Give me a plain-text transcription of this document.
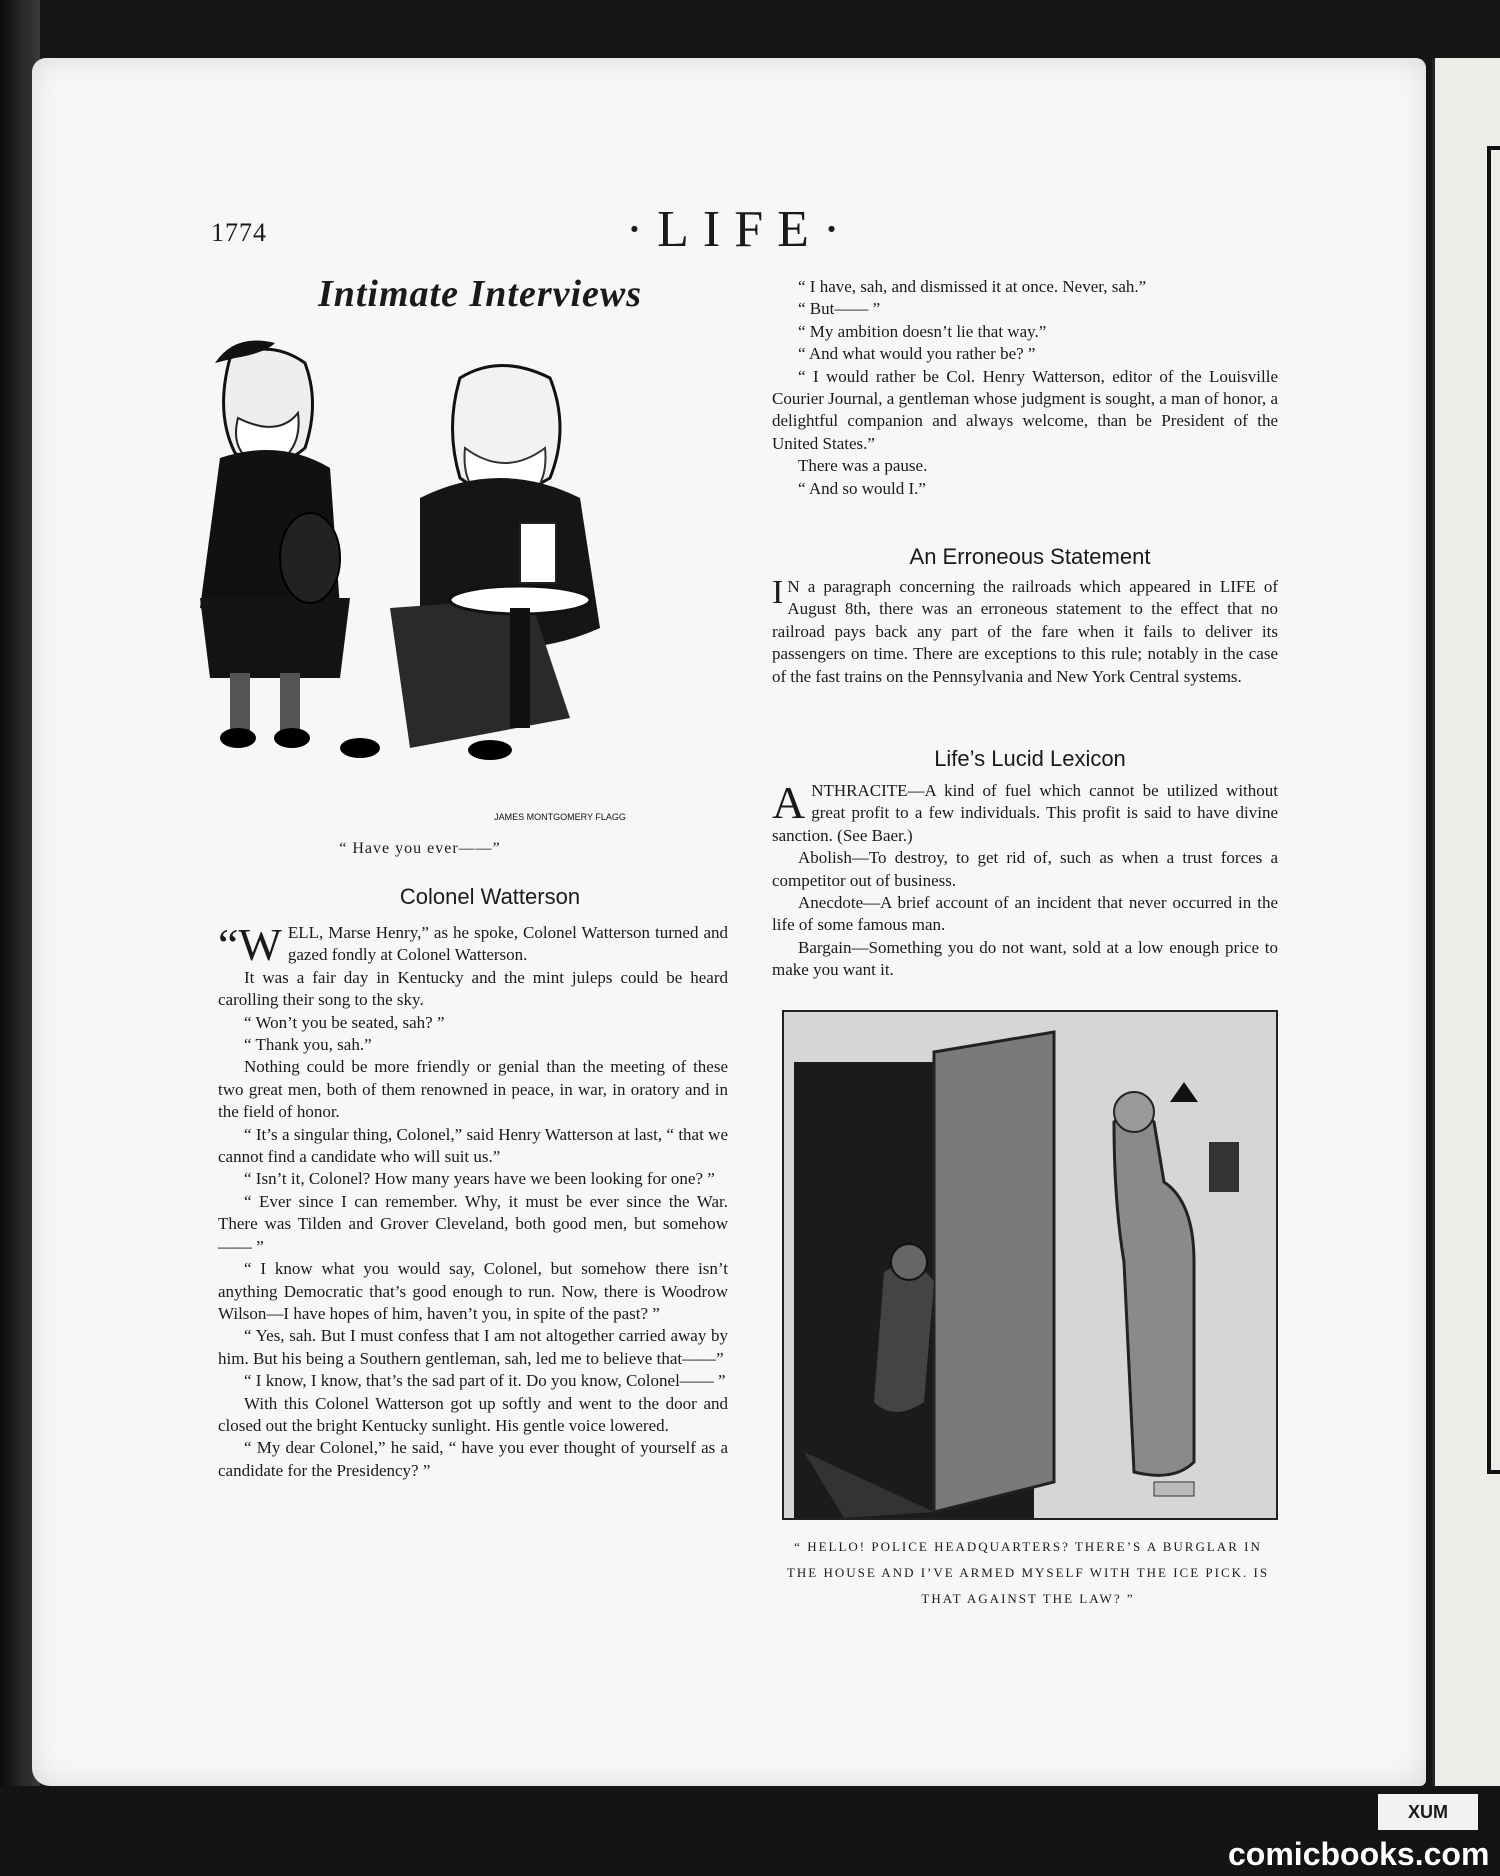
1774	·LIFE·
Intimate Interviews
JAMES MONTGOMERY FLAGG
“ Have you ever——”
Colonel Watterson

“WELL, Marse Henry,” as he spoke, Colonel Watterson turned and gazed fondly at Colonel Watterson.

It was a fair day in Kentucky and the mint juleps could be heard carolling their song to the sky.

“ Won’t you be seated, sah? ”

“ Thank you, sah.”

Nothing could be more friendly or genial than the meeting of these two great men, both of them renowned in peace, in war, in oratory and in the field of honor.

“ It’s a singular thing, Colonel,” said Henry Watterson at last, “ that we cannot find a candidate who will suit us.”

“ Isn’t it, Colonel? How many years have we been looking for one? ”

“ Ever since I can remember. Why, it must be ever since the War. There was Tilden and Grover Cleveland, both good men, but somehow—— ”

“ I know what you would say, Colonel, but somehow there isn’t anything Democratic that’s good enough to run. Now, there is Woodrow Wilson—I have hopes of him, haven’t you, in spite of the past? ”

“ Yes, sah. But I must confess that I am not altogether carried away by him. But his being a Southern gentleman, sah, led me to believe that——”

“ I know, I know, that’s the sad part of it. Do you know, Colonel—— ”

With this Colonel Watterson got up softly and went to the door and closed out the bright Kentucky sunlight. His gentle voice lowered.

“ My dear Colonel,” he said, “ have you ever thought of yourself as a candidate for the Presidency? ”

“ I have, sah, and dismissed it at once. Never, sah.”

“ But—— ”

“ My ambition doesn’t lie that way.”

“ And what would you rather be? ”

“ I would rather be Col. Henry Watterson, editor of the Louisville Courier Journal, a gentleman whose judgment is sought, a man of honor, a delightful companion and always welcome, than be President of the United States.”

There was a pause.

“ And so would I.”

An Erroneous Statement

I N a paragraph concerning the railroads which appeared in LIFE of August 8th, there was an erroneous statement to the effect that no railroad pays back any part of the fare when it fails to deliver its passengers on time. There are exceptions to this rule; notably in the case of the fast trains on the Pennsylvania and New York Central systems.

Life’s Lucid Lexicon

ANTHRACITE—A kind of fuel which cannot be utilized without great profit to a few individuals. This profit is said to have divine sanction. (See Baer.)

Abolish—To destroy, to get rid of, such as when a trust forces a competitor out of business.

Anecdote—A brief account of an incident that never occurred in the life of some famous man.

Bargain—Something you do not want, sold at a low enough price to make you want it.

“ HELLO! POLICE HEADQUARTERS? THERE’S A BURGLAR IN THE HOUSE AND I’VE ARMED MYSELF WITH THE ICE PICK. IS THAT AGAINST THE LAW? ”
XUM
comicbooks.com
